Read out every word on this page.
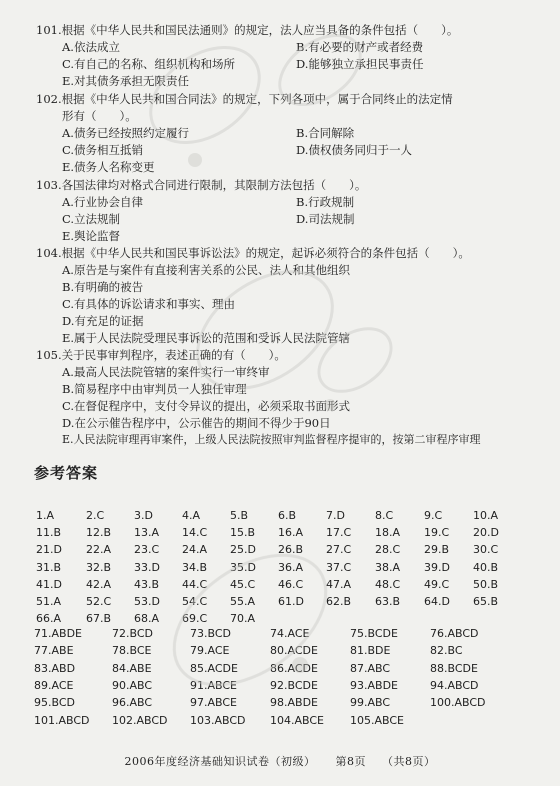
101.根据《中华人民共和国民法通则》的规定，法人应当具备的条件包括（　　）。
A.依法成立	B.有必要的财产或者经费
C.有自己的名称、组织机构和场所	D.能够独立承担民事责任
E.对其债务承担无限责任
102.根据《中华人民共和国合同法》的规定，下列各项中，属于合同终止的法定情
形有（　　）。
A.债务已经按照约定履行	B.合同解除
C.债务相互抵销	D.债权债务同归于一人
E.债务人名称变更
103.各国法律均对格式合同进行限制，其限制方法包括（　　）。
A.行业协会自律	B.行政规制
C.立法规制	D.司法规制
E.舆论监督
104.根据《中华人民共和国民事诉讼法》的规定，起诉必须符合的条件包括（　　）。
A.原告是与案件有直接利害关系的公民、法人和其他组织
B.有明确的被告
C.有具体的诉讼请求和事实、理由
D.有充足的证据
E.属于人民法院受理民事诉讼的范围和受诉人民法院管辖
105.关于民事审判程序，表述正确的有（　　）。
A.最高人民法院管辖的案件实行一审终审
B.简易程序中由审判员一人独任审理
C.在督促程序中，支付令异议的提出，必须采取书面形式
D.在公示催告程序中，公示催告的期间不得少于90日
E.人民法院审理再审案件，上级人民法院按照审判监督程序提审的，按第二审程序审理
参考答案
1.A	2.C	3.D	4.A	5.B	6.B	7.D	8.C	9.C	10.A
11.B 12.B 13.A 14.C 15.B 16.A 17.C 18.A 19.C 20.D
21.D 22.A 23.C 24.A 25.D 26.B 27.C 28.C 29.B 30.C
31.B 32.B 33.D 34.B 35.D 36.A 37.C 38.A 39.D 40.B
41.D 42.A 43.B 44.C 45.C 46.C 47.A 48.C 49.C 50.B
51.A 52.C 53.D 54.C 55.A 61.D 62.B 63.B 64.D 65.B
66.A 67.B 68.A 69.C 70.A
71.ABDE	72.BCD	73.BCD	74.ACE	75.BCDE	76.ABCD
77.ABE	78.BCE	79.ACE	80.ACDE	81.BDE	82.BC
83.ABD	84.ABE	85.ACDE	86.ACDE	87.ABC	88.BCDE
89.ACE	90.ABC	91.ABCE	92.BCDE	93.ABDE	94.ABCD
95.BCD	96.ABC	97.ABCE	98.ABDE	99.ABC	100.ABCD
101.ABCD 102.ABCD 103.ABCD 104.ABCE 105.ABCE
2006年度经济基础知识试卷（初级） 第8页 （共8页）
